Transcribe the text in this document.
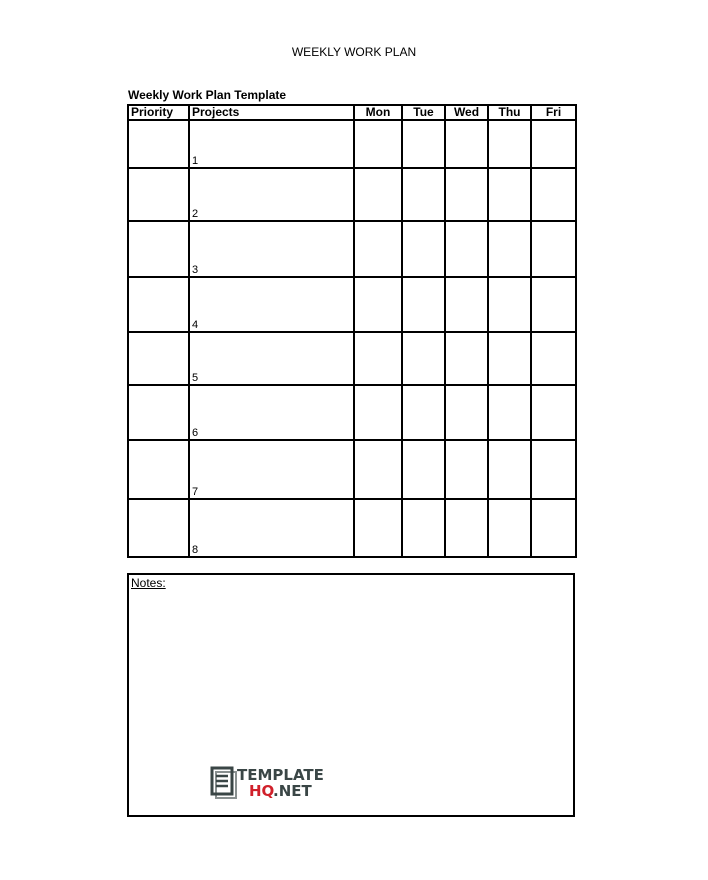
WEEKLY WORK PLAN
Weekly Work Plan Template
Priority	Projects	Mon	Tue	Wed	Thu	Fri
	1					
	2					
	3					
	4					
	5					
	6					
	7					
	8					
Notes:
TEMPLATE
HQ
.NET
